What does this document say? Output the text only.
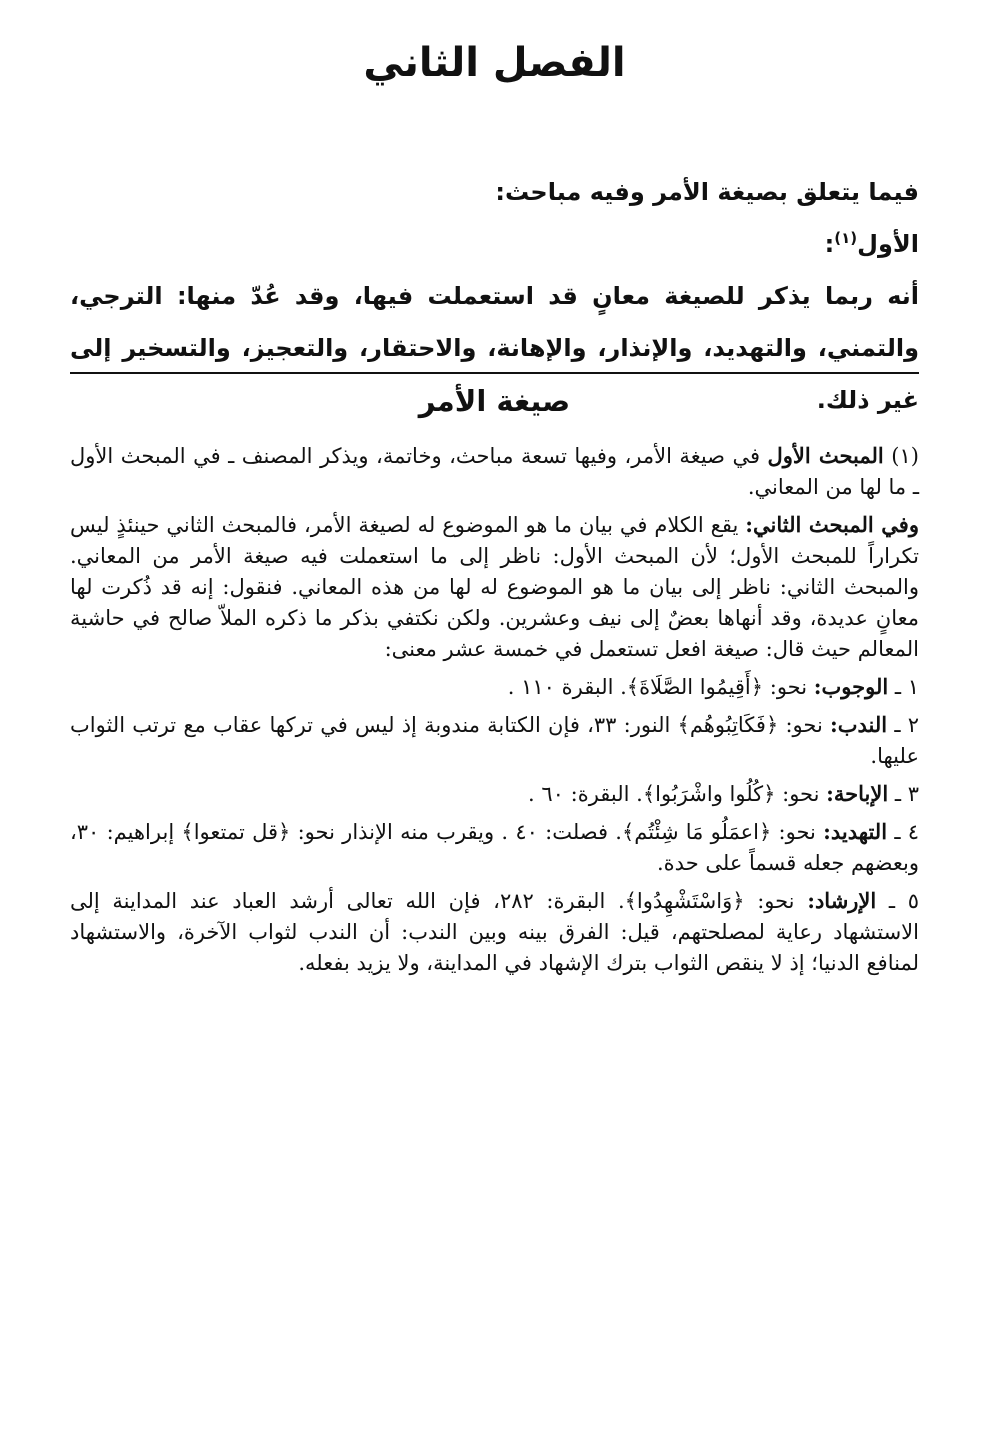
الفصل الثاني

فيما يتعلق بصيغة الأمر وفيه مباحث:

الأول$^{(١)}$:

أنه ربما يذكر للصيغة معانٍ قد استعملت فيها، وقد عُدّ منها: الترجي، والتمني، والتهديد، والإنذار، والإهانة، والاحتقار، والتعجيز، والتسخير إلى غير ذلك.

صيغة الأمر

(١) المبحث الأول في صيغة الأمر، وفيها تسعة مباحث، وخاتمة، ويذكر المصنف ـ في المبحث الأول ـ ما لها من المعاني.

وفي المبحث الثاني: يقع الكلام في بيان ما هو الموضوع له لصيغة الأمر، فالمبحث الثاني حينئذٍ ليس تكراراً للمبحث الأول؛ لأن المبحث الأول: ناظر إلى ما استعملت فيه صيغة الأمر من المعاني. والمبحث الثاني: ناظر إلى بيان ما هو الموضوع له لها من هذه المعاني. فنقول: إنه قد ذُكرت لها معانٍ عديدة، وقد أنهاها بعضٌ إلى نيف وعشرين. ولكن نكتفي بذكر ما ذكره الملاّ صالح في حاشية المعالم حيث قال: صيغة افعل تستعمل في خمسة عشر معنى:

١ ـ الوجوب: نحو: ﴿أَقِيمُوا الصَّلَاةَ﴾. البقرة ١١٠ .

٢ ـ الندب: نحو: ﴿فَكَاتِبُوهُم﴾ النور: ٣٣، فإن الكتابة مندوبة إذ ليس في تركها عقاب مع ترتب الثواب عليها.

٣ ـ الإباحة: نحو: ﴿كُلُوا واشْرَبُوا﴾. البقرة: ٦٠ .

٤ ـ التهديد: نحو: ﴿اعمَلُو مَا شِئْتُم﴾. فصلت: ٤٠ . ويقرب منه الإنذار نحو: ﴿قل تمتعوا﴾ إبراهيم: ٣٠، وبعضهم جعله قسماً على حدة.

٥ ـ الإرشاد: نحو: ﴿وَاسْتَشْهِدُوا﴾. البقرة: ٢٨٢، فإن الله تعالى أرشد العباد عند المداينة إلى الاستشهاد رعاية لمصلحتهم، قيل: الفرق بينه وبين الندب: أن الندب لثواب الآخرة، والاستشهاد لمنافع الدنيا؛ إذ لا ينقص الثواب بترك الإشهاد في المداينة، ولا يزيد بفعله.
